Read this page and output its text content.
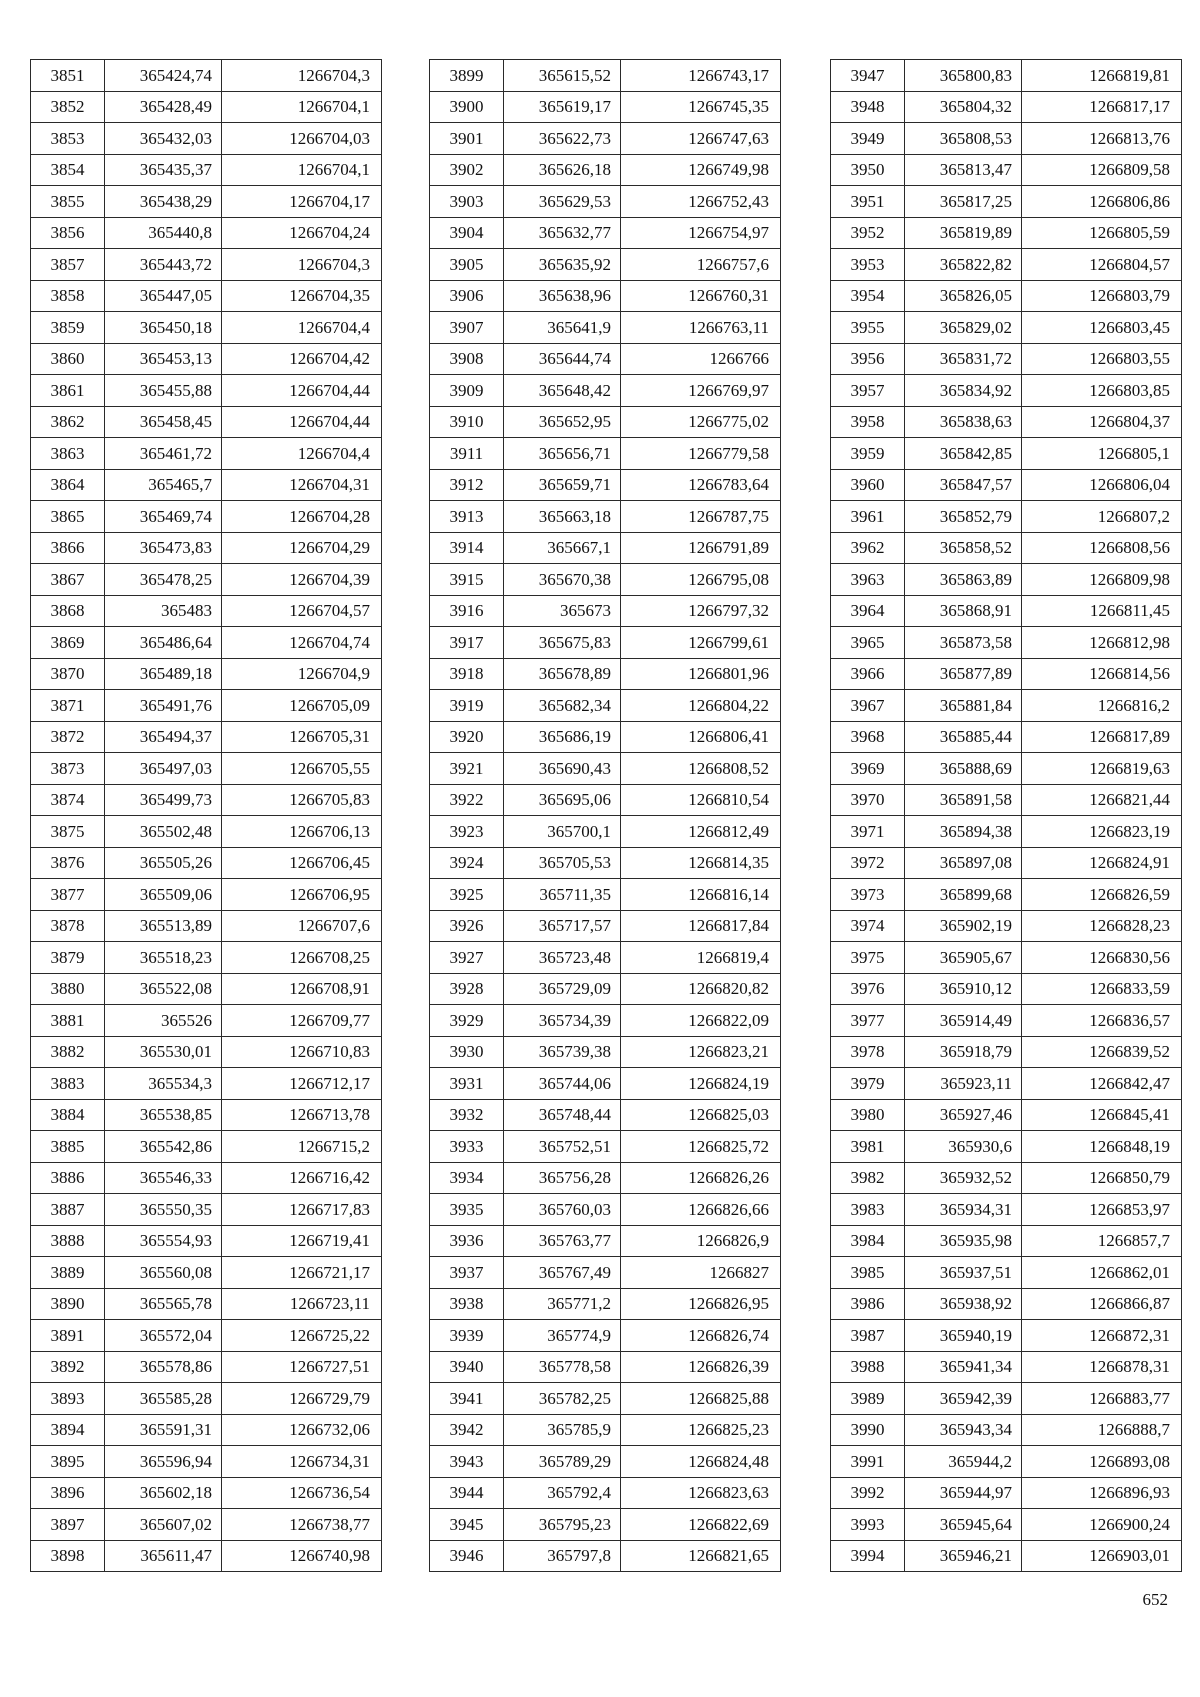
3851	365424,74	1266704,3
3852	365428,49	1266704,1
3853	365432,03	1266704,03
3854	365435,37	1266704,1
3855	365438,29	1266704,17
3856	365440,8	1266704,24
3857	365443,72	1266704,3
3858	365447,05	1266704,35
3859	365450,18	1266704,4
3860	365453,13	1266704,42
3861	365455,88	1266704,44
3862	365458,45	1266704,44
3863	365461,72	1266704,4
3864	365465,7	1266704,31
3865	365469,74	1266704,28
3866	365473,83	1266704,29
3867	365478,25	1266704,39
3868	365483	1266704,57
3869	365486,64	1266704,74
3870	365489,18	1266704,9
3871	365491,76	1266705,09
3872	365494,37	1266705,31
3873	365497,03	1266705,55
3874	365499,73	1266705,83
3875	365502,48	1266706,13
3876	365505,26	1266706,45
3877	365509,06	1266706,95
3878	365513,89	1266707,6
3879	365518,23	1266708,25
3880	365522,08	1266708,91
3881	365526	1266709,77
3882	365530,01	1266710,83
3883	365534,3	1266712,17
3884	365538,85	1266713,78
3885	365542,86	1266715,2
3886	365546,33	1266716,42
3887	365550,35	1266717,83
3888	365554,93	1266719,41
3889	365560,08	1266721,17
3890	365565,78	1266723,11
3891	365572,04	1266725,22
3892	365578,86	1266727,51
3893	365585,28	1266729,79
3894	365591,31	1266732,06
3895	365596,94	1266734,31
3896	365602,18	1266736,54
3897	365607,02	1266738,77
3898	365611,47	1266740,98
3899	365615,52	1266743,17
3900	365619,17	1266745,35
3901	365622,73	1266747,63
3902	365626,18	1266749,98
3903	365629,53	1266752,43
3904	365632,77	1266754,97
3905	365635,92	1266757,6
3906	365638,96	1266760,31
3907	365641,9	1266763,11
3908	365644,74	1266766
3909	365648,42	1266769,97
3910	365652,95	1266775,02
3911	365656,71	1266779,58
3912	365659,71	1266783,64
3913	365663,18	1266787,75
3914	365667,1	1266791,89
3915	365670,38	1266795,08
3916	365673	1266797,32
3917	365675,83	1266799,61
3918	365678,89	1266801,96
3919	365682,34	1266804,22
3920	365686,19	1266806,41
3921	365690,43	1266808,52
3922	365695,06	1266810,54
3923	365700,1	1266812,49
3924	365705,53	1266814,35
3925	365711,35	1266816,14
3926	365717,57	1266817,84
3927	365723,48	1266819,4
3928	365729,09	1266820,82
3929	365734,39	1266822,09
3930	365739,38	1266823,21
3931	365744,06	1266824,19
3932	365748,44	1266825,03
3933	365752,51	1266825,72
3934	365756,28	1266826,26
3935	365760,03	1266826,66
3936	365763,77	1266826,9
3937	365767,49	1266827
3938	365771,2	1266826,95
3939	365774,9	1266826,74
3940	365778,58	1266826,39
3941	365782,25	1266825,88
3942	365785,9	1266825,23
3943	365789,29	1266824,48
3944	365792,4	1266823,63
3945	365795,23	1266822,69
3946	365797,8	1266821,65
3947	365800,83	1266819,81
3948	365804,32	1266817,17
3949	365808,53	1266813,76
3950	365813,47	1266809,58
3951	365817,25	1266806,86
3952	365819,89	1266805,59
3953	365822,82	1266804,57
3954	365826,05	1266803,79
3955	365829,02	1266803,45
3956	365831,72	1266803,55
3957	365834,92	1266803,85
3958	365838,63	1266804,37
3959	365842,85	1266805,1
3960	365847,57	1266806,04
3961	365852,79	1266807,2
3962	365858,52	1266808,56
3963	365863,89	1266809,98
3964	365868,91	1266811,45
3965	365873,58	1266812,98
3966	365877,89	1266814,56
3967	365881,84	1266816,2
3968	365885,44	1266817,89
3969	365888,69	1266819,63
3970	365891,58	1266821,44
3971	365894,38	1266823,19
3972	365897,08	1266824,91
3973	365899,68	1266826,59
3974	365902,19	1266828,23
3975	365905,67	1266830,56
3976	365910,12	1266833,59
3977	365914,49	1266836,57
3978	365918,79	1266839,52
3979	365923,11	1266842,47
3980	365927,46	1266845,41
3981	365930,6	1266848,19
3982	365932,52	1266850,79
3983	365934,31	1266853,97
3984	365935,98	1266857,7
3985	365937,51	1266862,01
3986	365938,92	1266866,87
3987	365940,19	1266872,31
3988	365941,34	1266878,31
3989	365942,39	1266883,77
3990	365943,34	1266888,7
3991	365944,2	1266893,08
3992	365944,97	1266896,93
3993	365945,64	1266900,24
3994	365946,21	1266903,01
652
